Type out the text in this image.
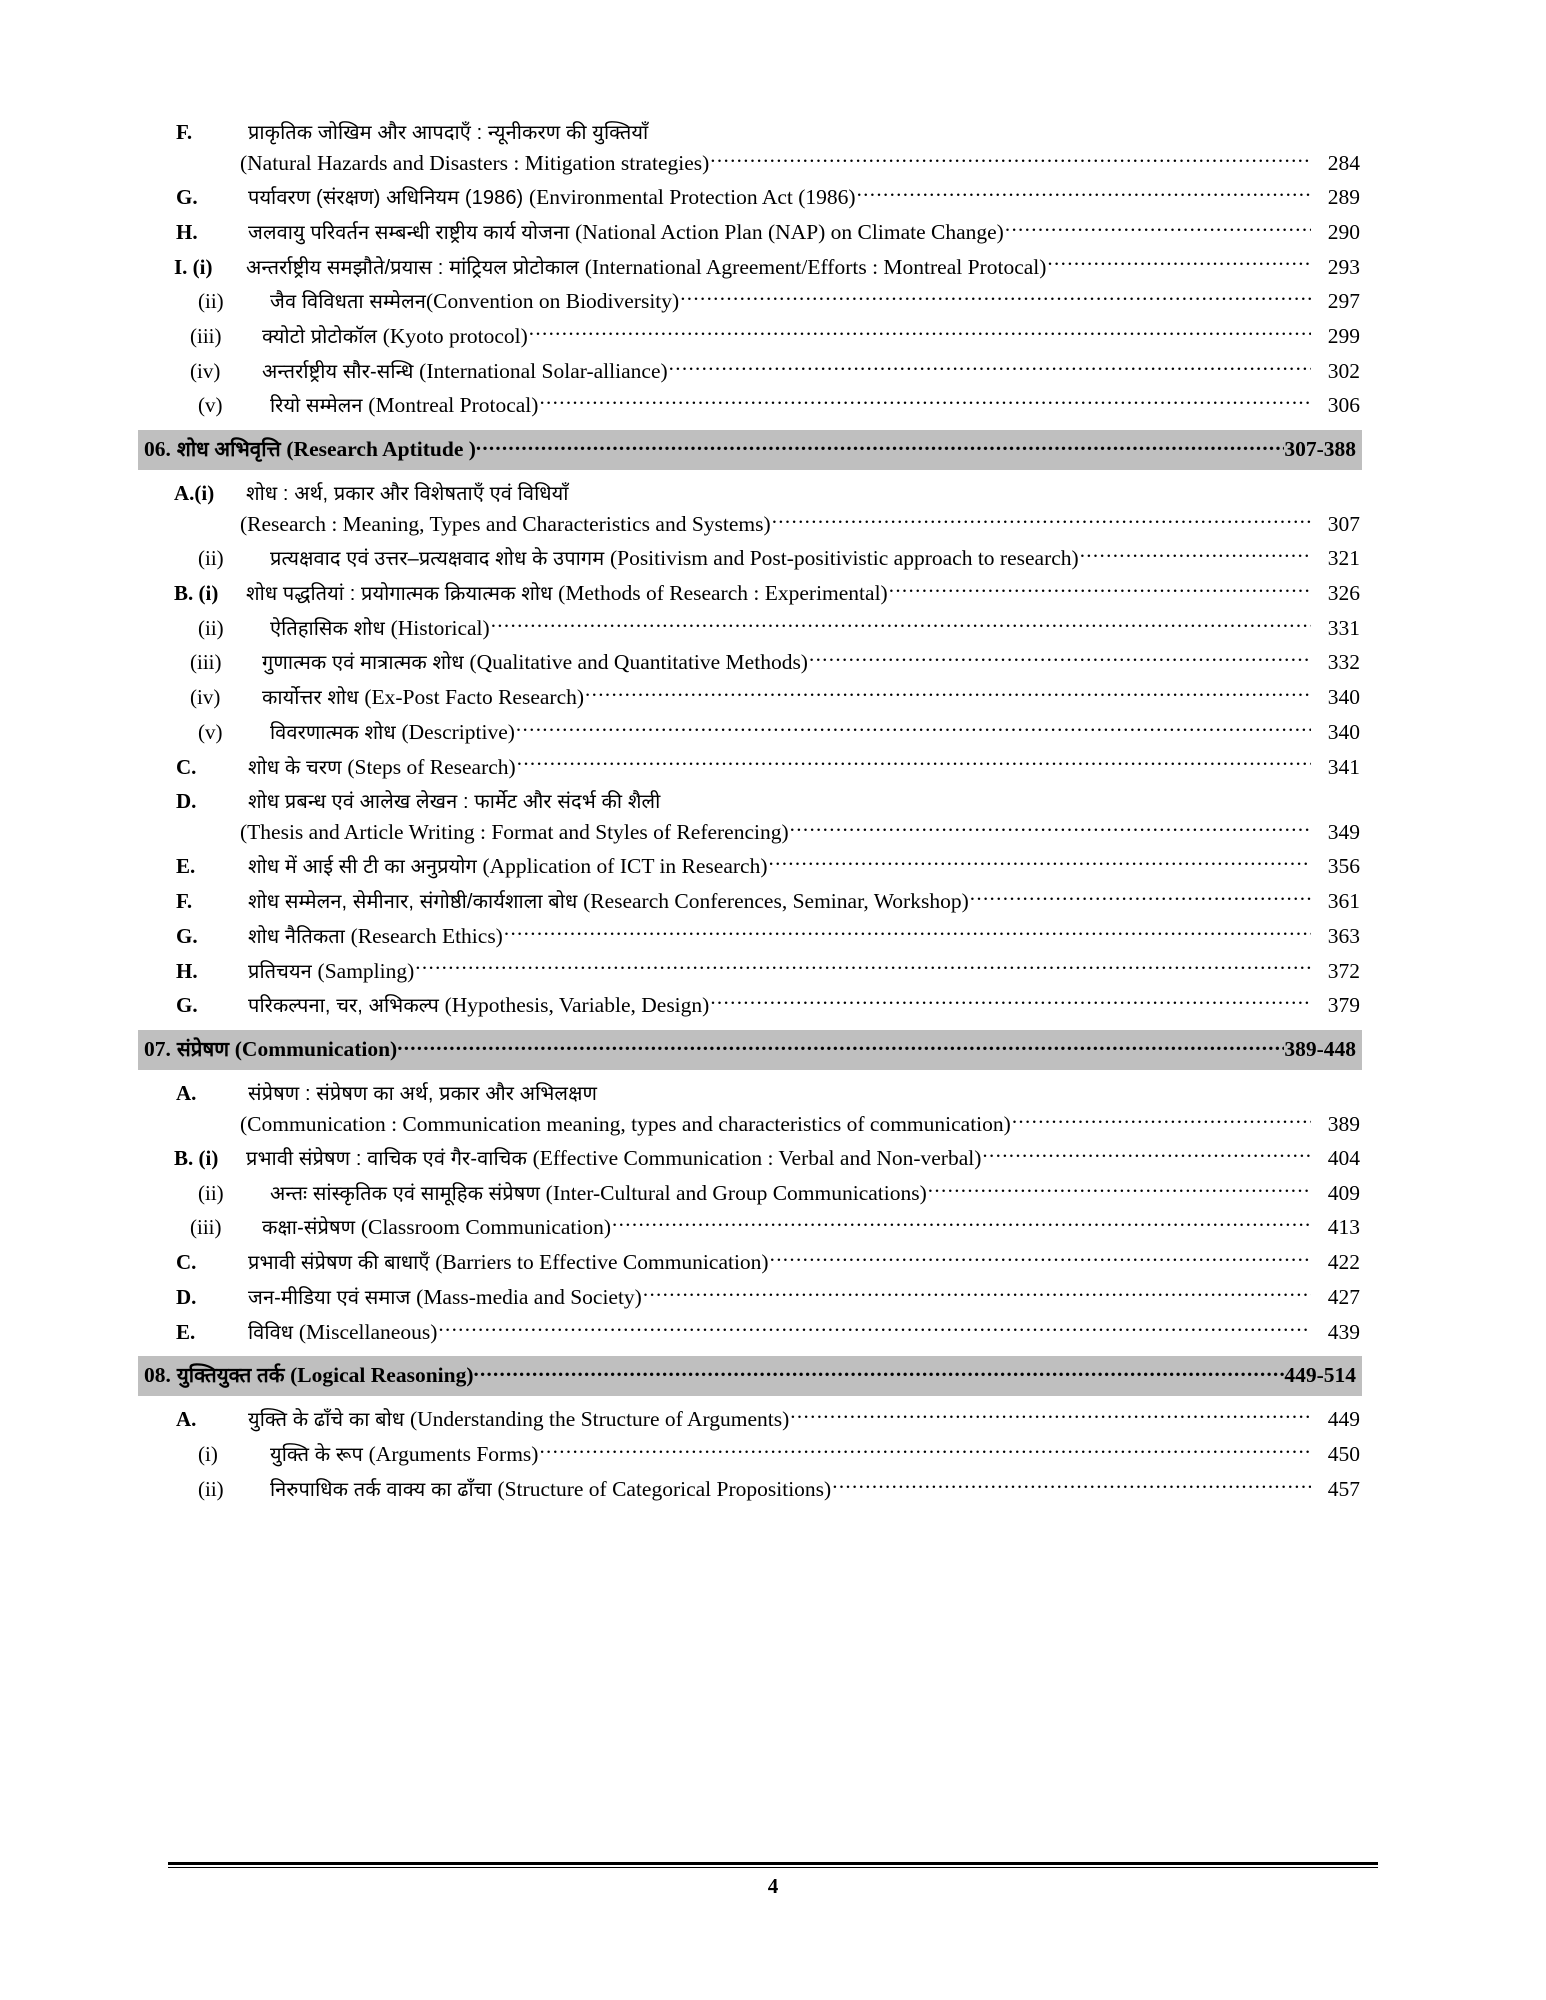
F.	प्राकृतिक जोखिम और आपदाएँ : न्यूनीकरण की युक्तियाँ
(Natural Hazards and Disasters : Mitigation strategies) .....	284
G.	पर्यावरण (संरक्षण) अधिनियम (1986) (Environmental Protection Act (1986) .....	289
H.	जलवायु परिवर्तन सम्बन्धी राष्ट्रीय कार्य योजना (National Action Plan (NAP) on Climate Change) .....	290
I. (i)	अन्तर्राष्ट्रीय समझौते/प्रयास : मांट्रियल प्रोटोकाल (International Agreement/Efforts : Montreal Protocal) .....	293
(ii)	जैव विविधता सम्मेलन(Convention on Biodiversity) .....	297
(iii)	क्योटो प्रोटोकॉल (Kyoto protocol) .....	299
(iv)	अन्तर्राष्ट्रीय सौर-सन्धि (International Solar-alliance) .....	302
(v)	रियो सम्मेलन (Montreal Protocal) .....	306
06. शोध अभिवृत्ति (Research Aptitude ) .....	307-388
A.(i)	शोध : अर्थ, प्रकार और विशेषताएँ एवं विधियाँ
(Research : Meaning, Types and Characteristics and Systems) .....	307
(ii)	प्रत्यक्षवाद एवं उत्तर–प्रत्यक्षवाद शोध के उपागम (Positivism and Post-positivistic approach to research) .....	321
B. (i)	शोध पद्धतियां : प्रयोगात्मक क्रियात्मक शोध (Methods of Research : Experimental) .....	326
(ii)	ऐतिहासिक शोध (Historical) .....	331
(iii)	गुणात्मक एवं मात्रात्मक शोध (Qualitative and Quantitative Methods) .....	332
(iv)	कार्योत्तर शोध (Ex-Post Facto Research) .....	340
(v)	विवरणात्मक शोध (Descriptive) .....	340
C.	शोध के चरण (Steps of Research) .....	341
D.	शोध प्रबन्ध एवं आलेख लेखन : फार्मेट और संदर्भ की शैली
(Thesis and Article Writing : Format and Styles of Referencing) .....	349
E.	शोध में आई सी टी का अनुप्रयोग (Application of ICT in Research) .....	356
F.	शोध सम्मेलन, सेमीनार, संगोष्ठी/कार्यशाला बोध (Research Conferences, Seminar, Workshop) .....	361
G.	शोध नैतिकता (Research Ethics) .....	363
H.	प्रतिचयन (Sampling) .....	372
G.	परिकल्पना, चर, अभिकल्प (Hypothesis, Variable, Design) .....	379
07. संप्रेषण (Communication) .....	389-448
A.	संप्रेषण : संप्रेषण का अर्थ, प्रकार और अभिलक्षण
(Communication : Communication meaning, types and characteristics of communication) .....	389
B. (i)	प्रभावी संप्रेषण : वाचिक एवं गैर-वाचिक (Effective Communication : Verbal and Non-verbal) .....	404
(ii)	अन्तः सांस्कृतिक एवं सामूहिक संप्रेषण (Inter-Cultural and Group Communications) .....	409
(iii)	कक्षा-संप्रेषण (Classroom Communication) .....	413
C.	प्रभावी संप्रेषण की बाधाएँ (Barriers to Effective Communication) .....	422
D.	जन-मीडिया एवं समाज (Mass-media and Society) .....	427
E.	विविध (Miscellaneous) .....	439
08. युक्तियुक्त तर्क (Logical Reasoning) .....	449-514
A.	युक्ति के ढाँचे का बोध (Understanding the Structure of Arguments) .....	449
(i)	युक्ति के रूप (Arguments Forms) .....	450
(ii)	निरुपाधिक तर्क वाक्य का ढाँचा (Structure of Categorical Propositions) .....	457
4
